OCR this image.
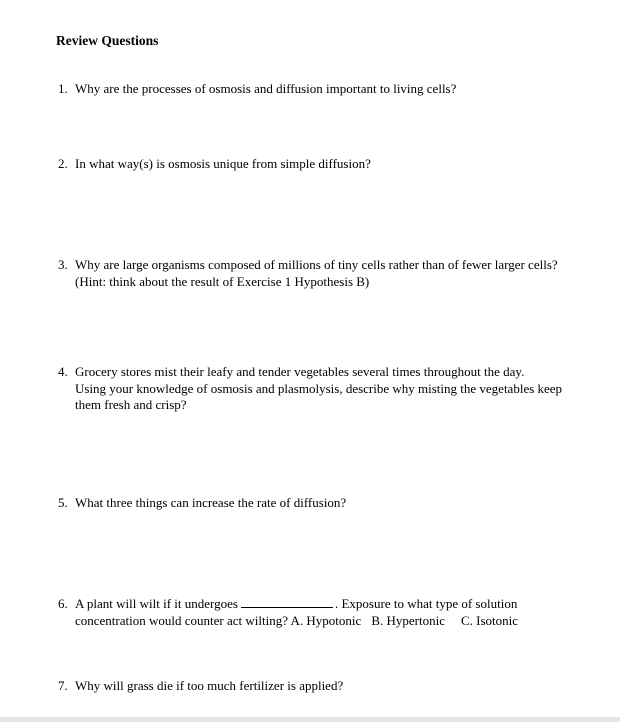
Review Questions
1. Why are the processes of osmosis and diffusion important to living cells?
2. In what way(s) is osmosis unique from simple diffusion?
3. Why are large organisms composed of millions of tiny cells rather than of fewer larger cells?
(Hint: think about the result of Exercise 1 Hypothesis B)
4. Grocery stores mist their leafy and tender vegetables several times throughout the day.
Using your knowledge of osmosis and plasmolysis, describe why misting the vegetables keep
them fresh and crisp?
5. What three things can increase the rate of diffusion?
6. A plant will wilt if it undergoes	. Exposure to what type of solution
concentration would counter act wilting? A. Hypotonic B. Hypertonic C. Isotonic
7. Why will grass die if too much fertilizer is applied?
